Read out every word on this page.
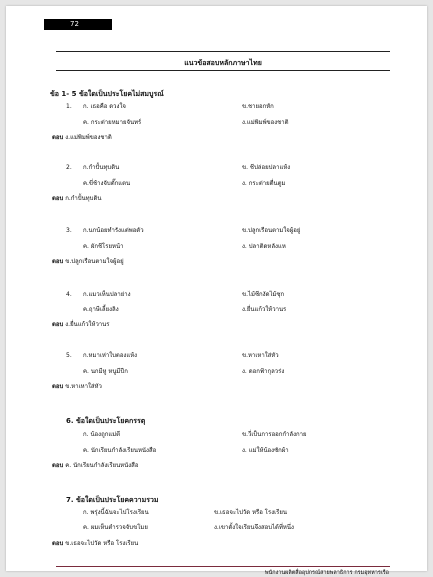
72
แนวข้อสอบหลักภาษาไทย
ข้อ 1- 5 ข้อใดเป็นประโยคไม่สมบูรณ์
1. ก. เธอคือ ดวงใจ	ข.ชายอกหัก
ค. กระต่ายหมายจันทร์	ง.แม่พิมพ์ของชาติ
ตอบ ง.แม่พิมพ์ของชาติ
2. ก.กำปั้นทุบดิน	ข. ชีปล่อยปลาแห้ง
ค.ขี่ช้างจับตั๊กแตน	ง. กระต่ายตื่นตูม
ตอบ ก.กำปั้นทุบดิน
3. ก.นกน้อยทำรังแต่พอตัว	ข.ปลูกเรือนตามใจผู้อยู่
ค. ผักชีโรยหน้า	ง. ปลาติดหลังแห
ตอบ ข.ปลูกเรือนตามใจผู้อยู่
4. ก.แมวเห็นปลาย่าง	ข.ไม้ซีกงัดไม้ซุก
ค.ฤาษีเลี้ยงลิง	ง.ยื่นแก้วให้วานร
ตอบ ง.ยื่นแก้วให้วานร
5. ก.หมาเห่าใบตองแห้ง	ข.หาเหาใส่หัว
ค. นกมีหู หนูมีปีก	ง. ดอกฟ้ากุลวร่ง
ตอบ ข.หาเหาใส่หัว
6. ข้อใดเป็นประโยคกรรตุ
ก. น้องถูกแม่ตี	ข.วี่เป็นการออกกำลังกาย
ค. นักเรียนกำลังเรียนหนังสือ	ง. แม่ให้น้องซักผ้า
ตอบ ค. นักเรียนกำลังเรียนหนังสือ
7. ข้อใดเป็นประโยคความรวม
ก. พรุ่งนี้ฉันจะไปโรงเรียน	ข.เธอจะไปวัด หรือ โรงเรียน
ค. ผมเห็นตำรวจจับขโมย	ง.เขาตั้งใจเรียนจึงสอบได้ที่หนึ่ง
ตอบ ข.เธอจะไปวัด หรือ โรงเรียน
พนักงานผลิตสื่ออุปกรณ์สายพลาธิการ กรมอุทหารเรือ
